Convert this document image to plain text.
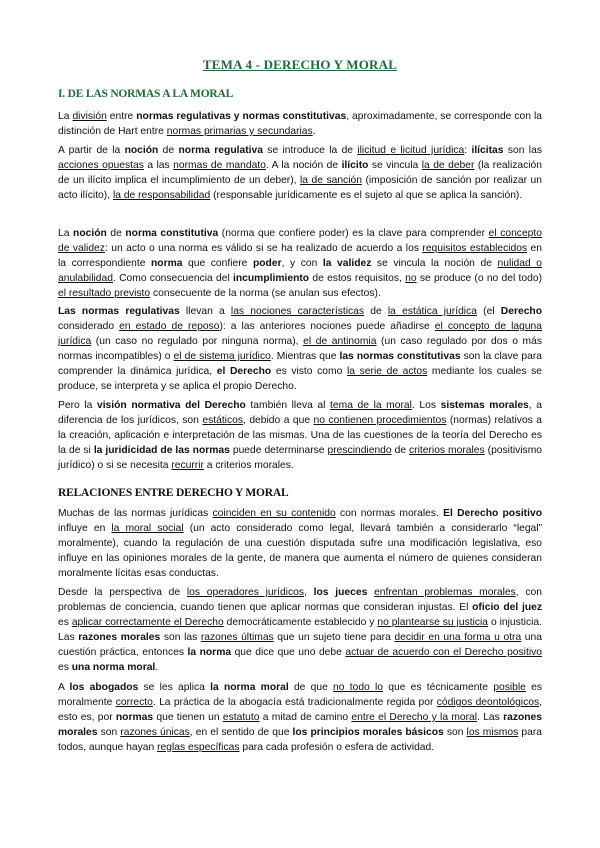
TEMA 4 - DERECHO Y MORAL
I. DE LAS NORMAS A LA MORAL

La división entre normas regulativas y normas constitutivas, aproximadamente, se corresponde con la distinción de Hart entre normas primarias y secundarias.

A partir de la noción de norma regulativa se introduce la de ilicitud e licitud jurídica: ilícitas son las acciones opuestas a las normas de mandato. A la noción de ilícito se vincula la de deber (la realización de un ilícito implica el incumplimiento de un deber), la de sanción (imposición de sanción por realizar un acto ilícito), la de responsabilidad (responsable jurídicamente es el sujeto al que se aplica la sanción).

La noción de norma constitutiva (norma que confiere poder) es la clave para comprender el concepto de validez: un acto o una norma es válido si se ha realizado de acuerdo a los requisitos establecidos en la correspondiente norma que confiere poder, y con la validez se vincula la noción de nulidad o anulabilidad. Como consecuencia del incumplimiento de estos requisitos, no se produce (o no del todo) el resultado previsto consecuente de la norma (se anulan sus efectos).

Las normas regulativas llevan a las nociones características de la estática jurídica (el Derecho considerado en estado de reposo): a las anteriores nociones puede añadirse el concepto de laguna jurídica (un caso no regulado por ninguna norma), el de antinomia (un caso regulado por dos o más normas incompatibles) o el de sistema jurídico. Mientras que las normas constitutivas son la clave para comprender la dinámica jurídica, el Derecho es visto como la serie de actos mediante los cuales se produce, se interpreta y se aplica el propio Derecho.

Pero la visión normativa del Derecho también lleva al tema de la moral. Los sistemas morales, a diferencia de los jurídicos, son estáticos, debido a que no contienen procedimientos (normas) relativos a la creación, aplicación e interpretación de las mismas. Una de las cuestiones de la teoría del Derecho es la de si la juridicidad de las normas puede determinarse prescindiendo de criterios morales (positivismo jurídico) o si se necesita recurrir a criterios morales.

RELACIONES ENTRE DERECHO Y MORAL

Muchas de las normas jurídicas coinciden en su contenido con normas morales. El Derecho positivo influye en la moral social (un acto considerado como legal, llevará también a considerarlo “legal” moralmente), cuando la regulación de una cuestión disputada sufre una modificación legislativa, eso influye en las opiniones morales de la gente, de manera que aumenta el número de quienes consideran moralmente lícitas esas conductas.

Desde la perspectiva de los operadores jurídicos, los jueces enfrentan problemas morales, con problemas de conciencia, cuando tienen que aplicar normas que consideran injustas. El oficio del juez es aplicar correctamente el Derecho democráticamente establecido y no plantearse su justicia o injusticia. Las razones morales son las razones últimas que un sujeto tiene para decidir en una forma u otra una cuestión práctica, entonces la norma que dice que uno debe actuar de acuerdo con el Derecho positivo es una norma moral.

A los abogados se les aplica la norma moral de que no todo lo que es técnicamente posible es moralmente correcto. La práctica de la abogacía está tradicionalmente regida por códigos deontológicos, esto es, por normas que tienen un estatuto a mitad de camino entre el Derecho y la moral. Las razones morales son razones únicas, en el sentido de que los principios morales básicos son los mismos para todos, aunque hayan reglas específicas para cada profesión o esfera de actividad.
